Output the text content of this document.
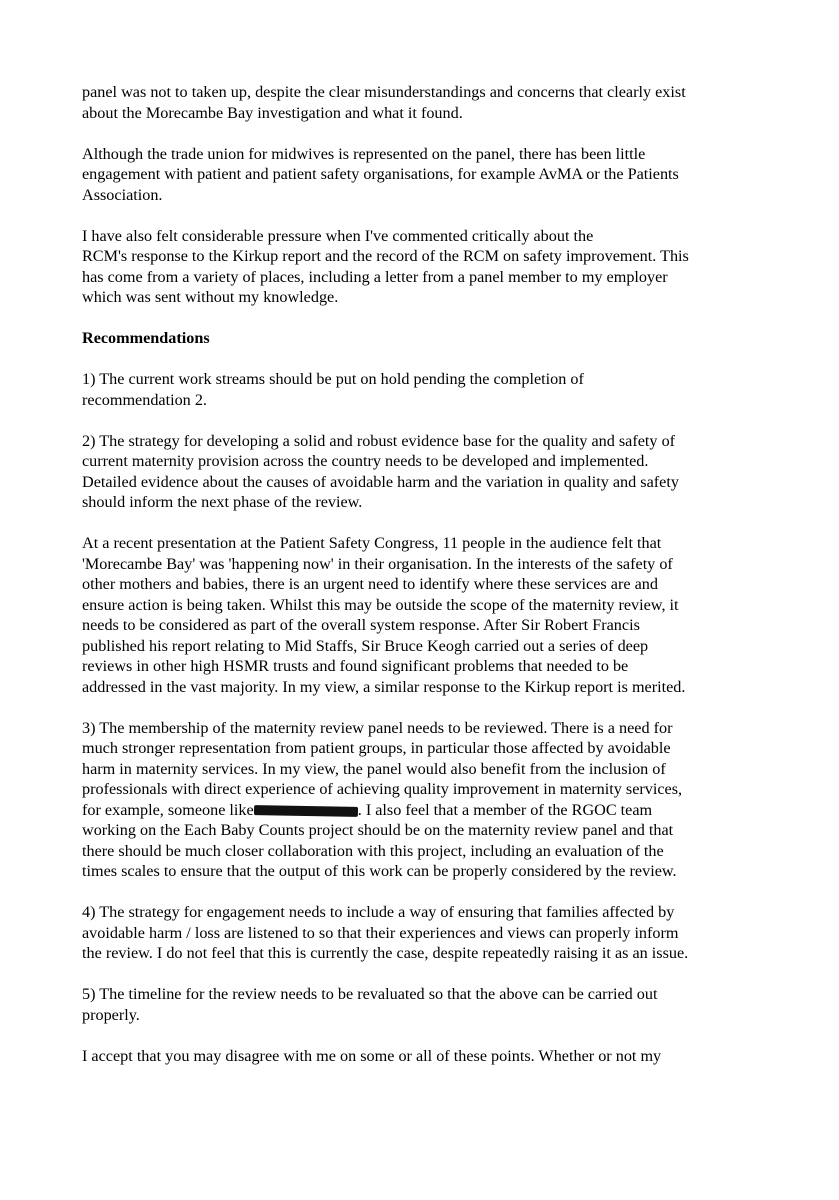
panel was not to taken up, despite the clear misunderstandings and concerns that clearly exist
about the Morecambe Bay investigation and what it found.

Although the trade union for midwives is represented on the panel, there has been little
engagement with patient and patient safety organisations, for example AvMA or the Patients
Association.

I have also felt considerable pressure when I've commented critically about the
RCM's response to the Kirkup report and the record of the RCM on safety improvement. This
has come from a variety of places, including a letter from a panel member to my employer
which was sent without my knowledge.

Recommendations

1) The current work streams should be put on hold pending the completion of
recommendation 2.

2) The strategy for developing a solid and robust evidence base for the quality and safety of
current maternity provision across the country needs to be developed and implemented.
Detailed evidence about the causes of avoidable harm and the variation in quality and safety
should inform the next phase of the review.

At a recent presentation at the Patient Safety Congress, 11 people in the audience felt that
'Morecambe Bay' was 'happening now' in their organisation. In the interests of the safety of
other mothers and babies, there is an urgent need to identify where these services are and
ensure action is being taken. Whilst this may be outside the scope of the maternity review, it
needs to be considered as part of the overall system response. After Sir Robert Francis
published his report relating to Mid Staffs, Sir Bruce Keogh carried out a series of deep
reviews in other high HSMR trusts and found significant problems that needed to be
addressed in the vast majority. In my view, a similar response to the Kirkup report is merited.

3) The membership of the maternity review panel needs to be reviewed. There is a need for
much stronger representation from patient groups, in particular those affected by avoidable
harm in maternity services. In my view, the panel would also benefit from the inclusion of
professionals with direct experience of achieving quality improvement in maternity services,
for example, someone like	. I also feel that a member of the RGOC team
working on the Each Baby Counts project should be on the maternity review panel and that
there should be much closer collaboration with this project, including an evaluation of the
times scales to ensure that the output of this work can be properly considered by the review.

4) The strategy for engagement needs to include a way of ensuring that families affected by
avoidable harm / loss are listened to so that their experiences and views can properly inform
the review. I do not feel that this is currently the case, despite repeatedly raising it as an issue.

5) The timeline for the review needs to be revaluated so that the above can be carried out
properly.

I accept that you may disagree with me on some or all of these points. Whether or not my
